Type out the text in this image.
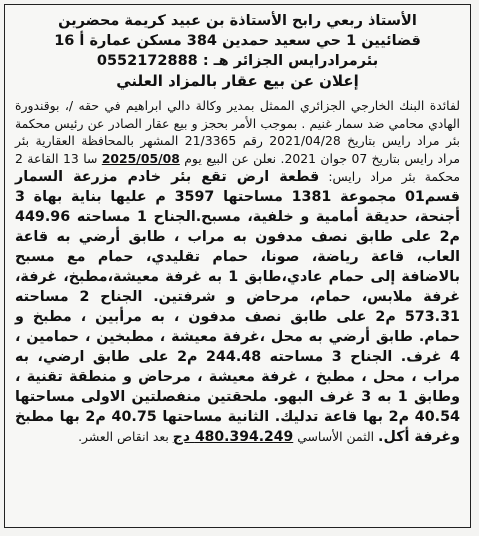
الأستاذ ربعي رابح الأستاذة بن عبيد كريمة محضرين
قضائيين 1 حي سعيد حمدين 384 مسكن عمارة أ 16
بئرمرادرايس الجزائر هـ : 0552172888
إعلان عن بيع عقار بالمزاد العلني
لفائدة البنك الخارجي الجزائري الممثل بمدير وكالة دالي ابراهيم في حقه /، بوقندورة الهادي محامي ضد سمار غنيم . بموجب الأمر بحجز و بيع عقار الصادر عن رئيس محكمة بئر مراد رايس بتاريخ 2021/04/28 رقم 21/3365 المشهر بالمحافظة العقارية بئر مراد رايس بتاريخ 07 جوان 2021. نعلن عن البيع يوم 2025/05/08 سا 13 القاعة 2 محكمة بئر مراد رايس: قطعة ارض تقع بئر خادم مزرعة السمار قسم01 مجموعة 1381 مساحتها 3597 م عليها بناية بهاة 3 أجنحة، حديقة أمامية و خلفية، مسبح.الجناح 1 مساحته 449.96 م2 على طابق نصف مدفون به مراب ، طابق أرضي به قاعة العاب، قاعة رياضة، صونا، حمام تقليدي، حمام مع مسبح بالاضافة إلى حمام عادي،طابق 1 به غرفة معيشة،مطبخ، غرفة، غرفة ملابس، حمام، مرحاض و شرفتين. الجناح 2 مساحته 573.31 م2 على طابق نصف مدفون ، به مرأبين ، مطبخ و حمام. طابق أرضي به محل ،غرفة معيشة ، مطبخين ، حمامين ، 4 غرف. الجناح 3 مساحته 244.48 م2 على طابق ارضي، به مراب ، محل ، مطبخ ، غرفة معيشة ، مرحاض و منطقة تقنية ، وطابق 1 به 3 غرف البهو. ملحقتين منفصلتين الاولى مساحتها 40.54 م2 بها قاعة تدليك. الثانية مساحتها 40.75 م2 بها مطبخ وغرفة أكل. الثمن الأساسي 480.394.249 دج بعد انقاص العشر.
